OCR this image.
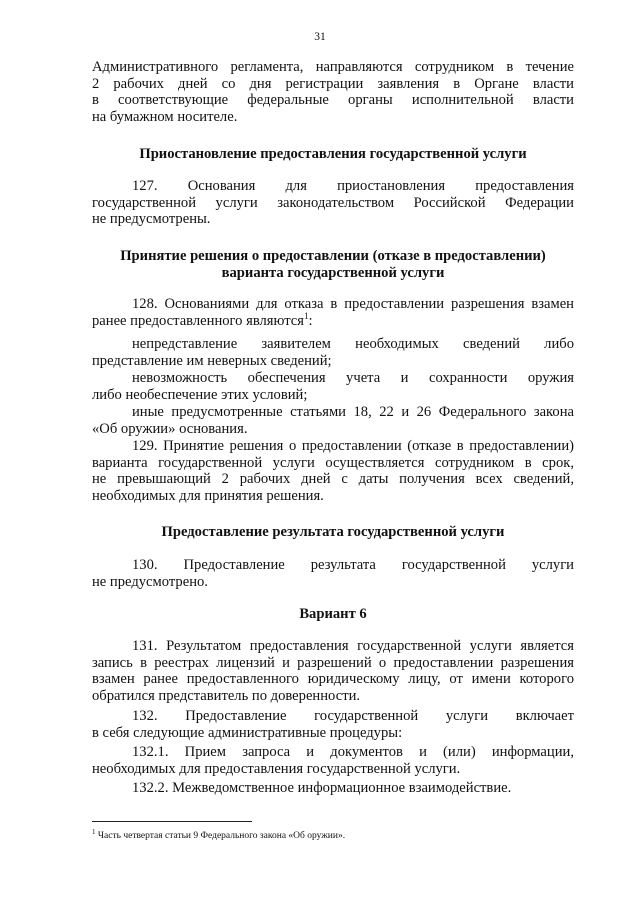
31
Административного регламента, направляются сотрудником в течение
2 рабочих дней со дня регистрации заявления в Органе власти
в соответствующие федеральные органы исполнительной власти
на бумажном носителе.
Приостановление предоставления государственной услуги
127. Основания для приостановления предоставления
государственной услуги законодательством Российской Федерации
не предусмотрены.
Принятие решения о предоставлении (отказе в предоставлении)
варианта государственной услуги
128. Основаниями для отказа в предоставлении разрешения взамен
ранее предоставленного являются$^1$:
непредставление заявителем необходимых сведений либо
представление им неверных сведений;
невозможность обеспечения учета и сохранности оружия
либо необеспечение этих условий;
иные предусмотренные статьями 18, 22 и 26 Федерального закона
«Об оружии» основания.
129. Принятие решения о предоставлении (отказе в предоставлении)
варианта государственной услуги осуществляется сотрудником в срок,
не превышающий 2 рабочих дней с даты получения всех сведений,
необходимых для принятия решения.
Предоставление результата государственной услуги
130. Предоставление результата государственной услуги
не предусмотрено.
Вариант 6
131. Результатом предоставления государственной услуги является
запись в реестрах лицензий и разрешений о предоставлении разрешения
взамен ранее предоставленного юридическому лицу, от имени которого
обратился представитель по доверенности.
132. Предоставление государственной услуги включает
в себя следующие административные процедуры:
132.1. Прием запроса и документов и (или) информации,
необходимых для предоставления государственной услуги.
132.2. Межведомственное информационное взаимодействие.
$^1$ Часть четвертая статьи 9 Федерального закона «Об оружии».
